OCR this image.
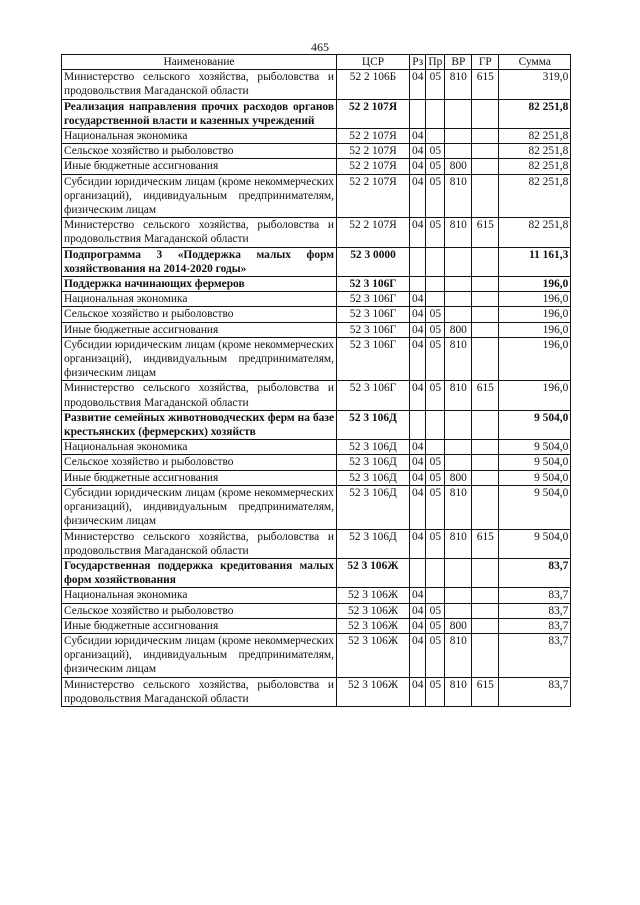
465
Наименование	ЦСР	Рз	Пр	ВР	ГР	Сумма
Министерство сельского хозяйства, рыболовства и продовольствия Магаданской области	52 2 106Б	04	05	810	615	319,0
Реализация направления прочих расходов органов государственной власти и казенных учреждений	52 2 107Я					82 251,8
Национальная экономика	52 2 107Я	04				82 251,8
Сельское хозяйство и рыболовство	52 2 107Я	04	05			82 251,8
Иные бюджетные ассигнования	52 2 107Я	04	05	800		82 251,8
Субсидии юридическим лицам (кроме некоммерческих организаций), индивидуальным предпринимателям, физическим лицам	52 2 107Я	04	05	810		82 251,8
Министерство сельского хозяйства, рыболовства и продовольствия Магаданской области	52 2 107Я	04	05	810	615	82 251,8
Подпрограмма 3 «Поддержка малых форм хозяйствования на 2014-2020 годы»	52 3 0000					11 161,3
Поддержка начинающих фермеров	52 3 106Г					196,0
Национальная экономика	52 3 106Г	04				196,0
Сельское хозяйство и рыболовство	52 3 106Г	04	05			196,0
Иные бюджетные ассигнования	52 3 106Г	04	05	800		196,0
Субсидии юридическим лицам (кроме некоммерческих организаций), индивидуальным предпринимателям, физическим лицам	52 3 106Г	04	05	810		196,0
Министерство сельского хозяйства, рыболовства и продовольствия Магаданской области	52 3 106Г	04	05	810	615	196,0
Развитие семейных животноводческих ферм на базе крестьянских (фермерских) хозяйств	52 3 106Д					9 504,0
Национальная экономика	52 3 106Д	04				9 504,0
Сельское хозяйство и рыболовство	52 3 106Д	04	05			9 504,0
Иные бюджетные ассигнования	52 3 106Д	04	05	800		9 504,0
Субсидии юридическим лицам (кроме некоммерческих организаций), индивидуальным предпринимателям, физическим лицам	52 3 106Д	04	05	810		9 504,0
Министерство сельского хозяйства, рыболовства и продовольствия Магаданской области	52 3 106Д	04	05	810	615	9 504,0
Государственная поддержка кредитования малых форм хозяйствования	52 3 106Ж					83,7
Национальная экономика	52 3 106Ж	04				83,7
Сельское хозяйство и рыболовство	52 3 106Ж	04	05			83,7
Иные бюджетные ассигнования	52 3 106Ж	04	05	800		83,7
Субсидии юридическим лицам (кроме некоммерческих организаций), индивидуальным предпринимателям, физическим лицам	52 3 106Ж	04	05	810		83,7
Министерство сельского хозяйства, рыболовства и продовольствия Магаданской области	52 3 106Ж	04	05	810	615	83,7
